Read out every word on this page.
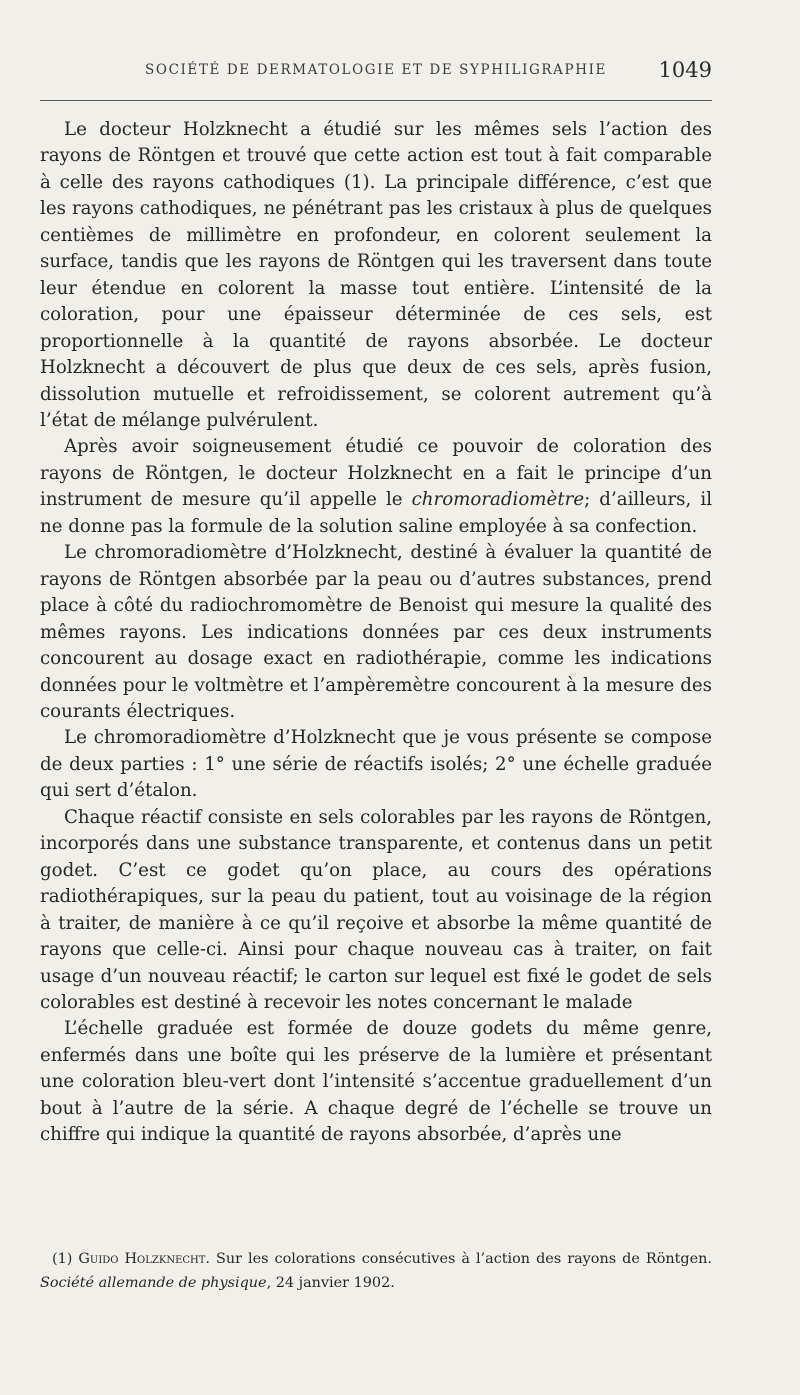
SOCIÉTÉ DE DERMATOLOGIE ET DE SYPHILIGRAPHIE	1049

Le docteur Holzknecht a étudié sur les mêmes sels l’action des rayons de Röntgen et trouvé que cette action est tout à fait comparable à celle des rayons cathodiques (1). La principale différence, c’est que les rayons cathodiques, ne pénétrant pas les cristaux à plus de quelques centièmes de millimètre en profondeur, en colorent seulement la surface, tandis que les rayons de Röntgen qui les traversent dans toute leur étendue en colorent la masse tout entière. L’intensité de la coloration, pour une épaisseur déterminée de ces sels, est proportionnelle à la quantité de rayons absorbée. Le docteur Holzknecht a découvert de plus que deux de ces sels, après fusion, dissolution mutuelle et refroidissement, se colorent autrement qu’à l’état de mélange pulvérulent.

Après avoir soigneusement étudié ce pouvoir de coloration des rayons de Röntgen, le docteur Holzknecht en a fait le principe d’un instrument de mesure qu’il appelle le chromoradiomètre; d’ailleurs, il ne donne pas la formule de la solution saline employée à sa confection.

Le chromoradiomètre d’Holzknecht, destiné à évaluer la quantité de rayons de Röntgen absorbée par la peau ou d’autres substances, prend place à côté du radiochromomètre de Benoist qui mesure la qualité des mêmes rayons. Les indications données par ces deux instruments concourent au dosage exact en radiothérapie, comme les indications données pour le voltmètre et l’ampèremètre concourent à la mesure des courants électriques.

Le chromoradiomètre d’Holzknecht que je vous présente se compose de deux parties : 1° une série de réactifs isolés; 2° une échelle graduée qui sert d’étalon.

Chaque réactif consiste en sels colorables par les rayons de Röntgen, incorporés dans une substance transparente, et contenus dans un petit godet. C’est ce godet qu’on place, au cours des opérations radiothérapiques, sur la peau du patient, tout au voisinage de la région à traiter, de manière à ce qu’il reçoive et absorbe la même quantité de rayons que celle-ci. Ainsi pour chaque nouveau cas à traiter, on fait usage d’un nouveau réactif; le carton sur lequel est fixé le godet de sels colorables est destiné à recevoir les notes concernant le malade

L’échelle graduée est formée de douze godets du même genre, enfermés dans une boîte qui les préserve de la lumière et présentant une coloration bleu-vert dont l’intensité s’accentue graduellement d’un bout à l’autre de la série. A chaque degré de l’échelle se trouve un chiffre qui indique la quantité de rayons absorbée, d’après une

(1) Guido Holzknecht. Sur les colorations consécutives à l’action des rayons de Röntgen. Société allemande de physique, 24 janvier 1902.
